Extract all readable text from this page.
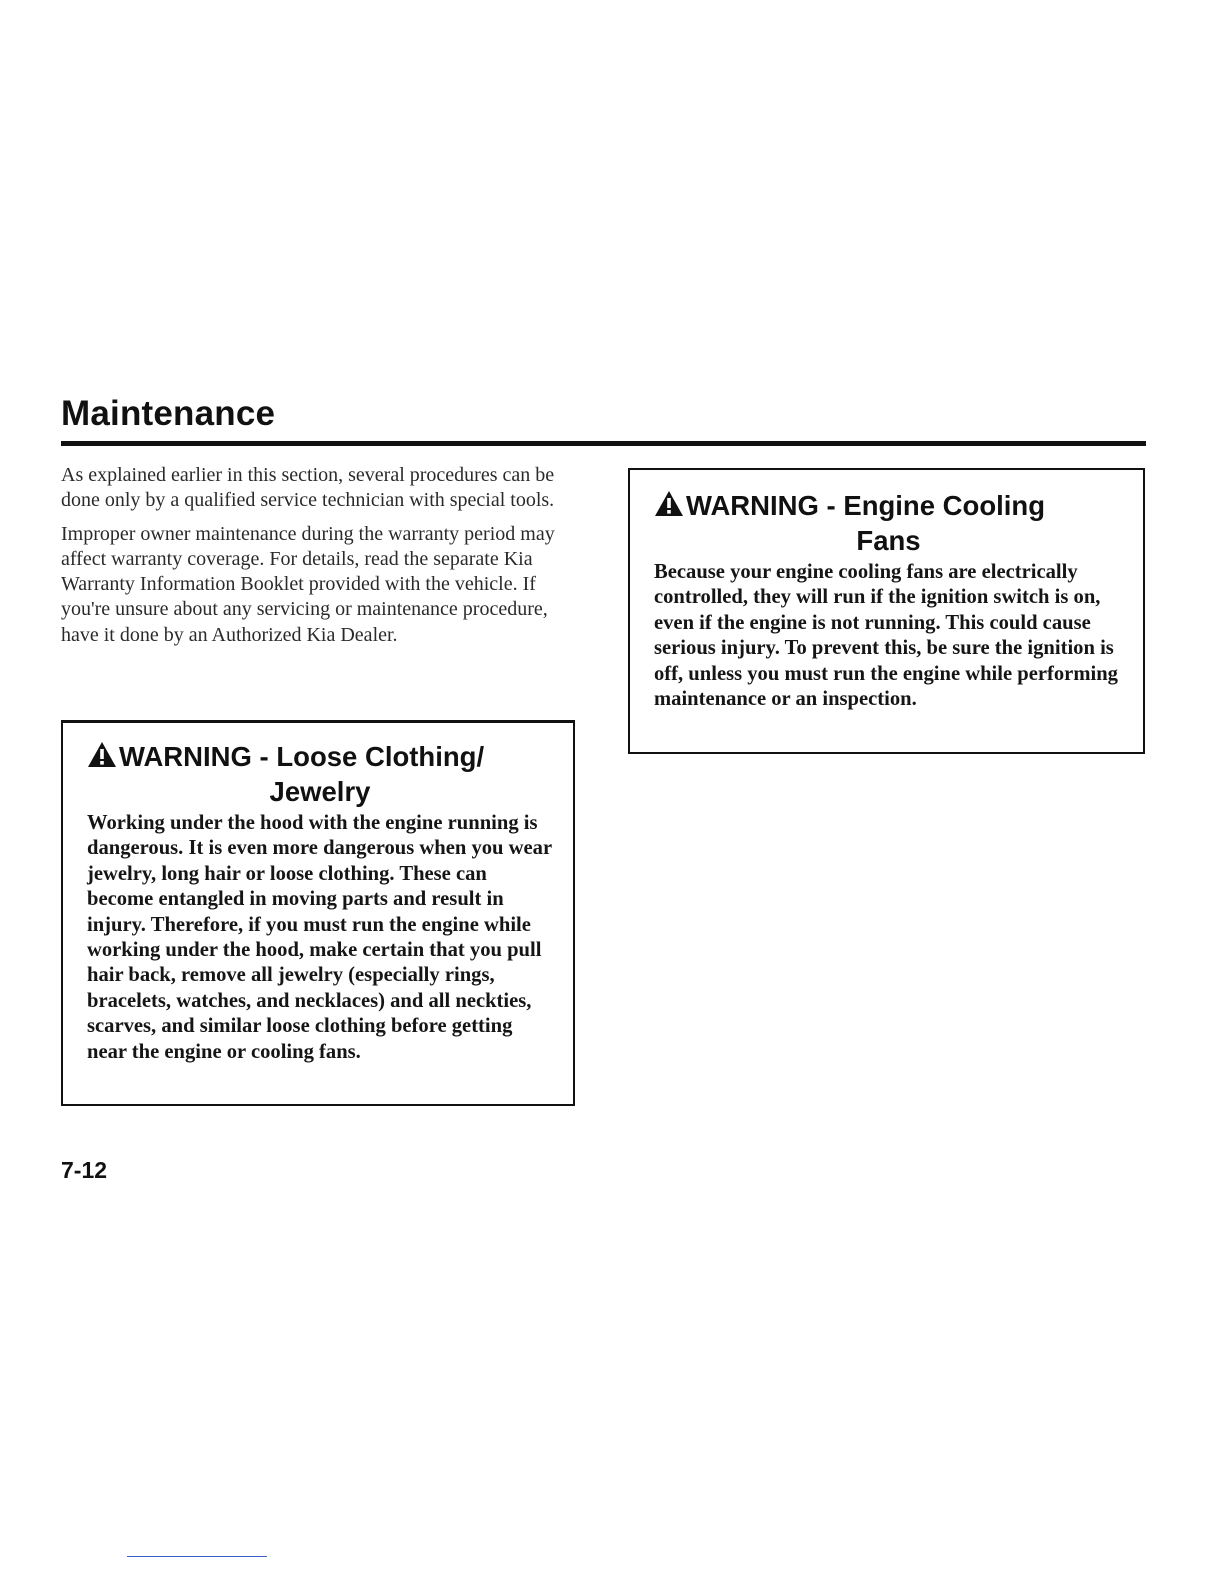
Maintenance

As explained earlier in this section, several procedures can be done only by a qualified service technician with special tools.

Improper owner maintenance during the warranty period may affect warranty coverage. For details, read the separate Kia Warranty Information Booklet provided with the vehicle. If you're unsure about any servicing or maintenance procedure, have it done by an Authorized Kia Dealer.

WARNING - Loose Clothing/
Jewelry

Working under the hood with the engine running is dangerous. It is even more dangerous when you wear jewelry, long hair or loose clothing. These can become entangled in moving parts and result in injury. Therefore, if you must run the engine while working under the hood, make certain that you pull hair back, remove all jewelry (especially rings, bracelets, watches, and necklaces) and all neckties, scarves, and similar loose clothing before getting near the engine or cooling fans.

WARNING - Engine Cooling
Fans

Because your engine cooling fans are electrically controlled, they will run if the ignition switch is on, even if the engine is not running. This could cause serious injury. To prevent this, be sure the ignition is off, unless you must run the engine while performing maintenance or an inspection.

7-12
